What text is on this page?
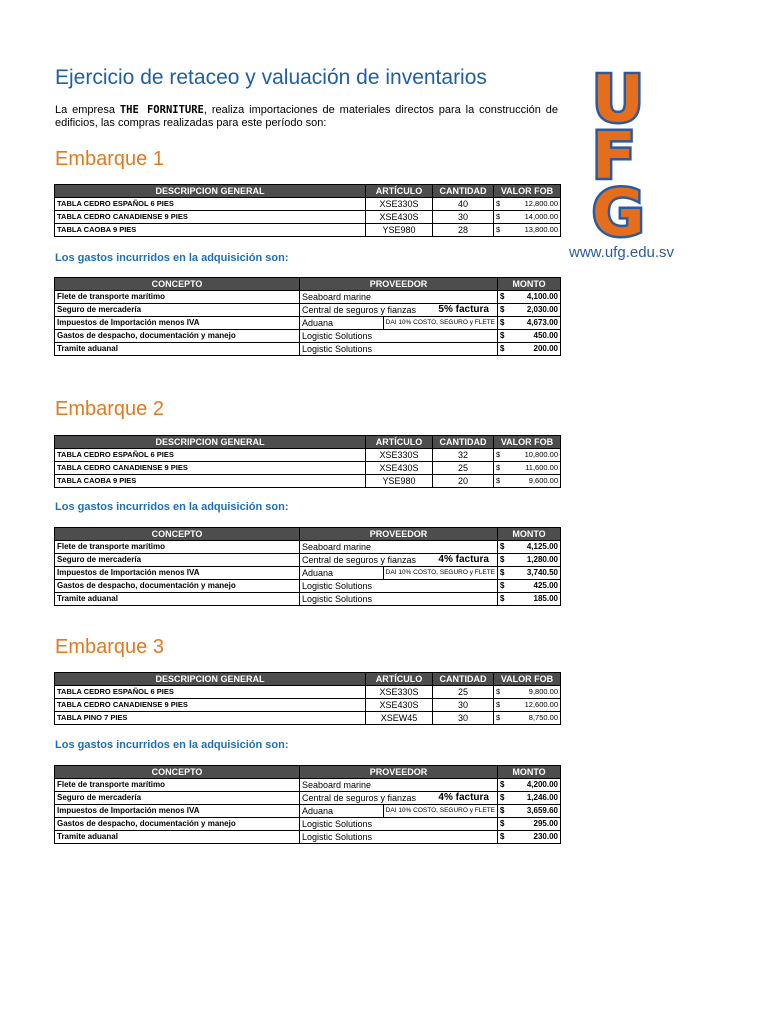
Ejercicio de retaceo y valuación de inventarios
La empresa THE FORNITURE, realiza importaciones de materiales directos para la construcción de edificios, las compras realizadas para este período son:	U
F
G
www.ufg.edu.sv
Embarque 1
DESCRIPCION GENERAL	ARTÍCULO	CANTIDAD	VALOR FOB
TABLA CEDRO ESPAÑOL 6 PIES	XSE330S	40	$ 12,800.00

TABLA CEDRO CANADIENSE 9 PIES	XSE430S	30	$ 14,000.00

TABLA CAOBA 9 PIES	YSE980	28	$ 13,800.00
Los gastos incurridos en la adquisición son:
CONCEPTO	PROVEEDOR	MONTO
Flete de transporte marítimo	Seaboard marine	$ 4,100.00

Seguro de mercadería	Central de seguros y fianzas 5% factura	$ 2,030.00

Impuestos de Importación menos IVA	Aduana DAI 10% COSTO, SEGURO y FLETE	$ 4,673.00

Gastos de despacho, documentación y manejo	Logistic Solutions	$ 450.00

Tramite aduanal	Logistic Solutions	$ 200.00
Embarque 2
DESCRIPCION GENERAL	ARTÍCULO	CANTIDAD	VALOR FOB
TABLA CEDRO ESPAÑOL 6 PIES	XSE330S	32	$ 10,800.00

TABLA CEDRO CANADIENSE 9 PIES	XSE430S	25	$ 11,600.00

TABLA CAOBA 9 PIES	YSE980	20	$ 9,600.00
Los gastos incurridos en la adquisición son:
CONCEPTO	PROVEEDOR	MONTO
Flete de transporte marítimo	Seaboard marine	$ 4,125.00

Seguro de mercadería	Central de seguros y fianzas 4% factura	$ 1,280.00

Impuestos de Importación menos IVA	Aduana DAI 10% COSTO, SEGURO y FLETE	$ 3,740.50

Gastos de despacho, documentación y manejo	Logistic Solutions	$ 425.00

Tramite aduanal	Logistic Solutions	$ 185.00
Embarque 3
DESCRIPCION GENERAL	ARTÍCULO	CANTIDAD	VALOR FOB
TABLA CEDRO ESPAÑOL 6 PIES	XSE330S	25	$ 9,800.00

TABLA CEDRO CANADIENSE 9 PIES	XSE430S	30	$ 12,600.00

TABLA PINO 7 PIES	XSEW45	30	$ 8,750.00
Los gastos incurridos en la adquisición son:
CONCEPTO	PROVEEDOR	MONTO
Flete de transporte marítimo	Seaboard marine	$ 4,200.00

Seguro de mercadería	Central de seguros y fianzas 4% factura	$ 1,246.00

Impuestos de Importación menos IVA	Aduana DAI 10% COSTO, SEGURO y FLETE	$ 3,659.60

Gastos de despacho, documentación y manejo	Logistic Solutions	$ 295.00

Tramite aduanal	Logistic Solutions	$ 230.00
